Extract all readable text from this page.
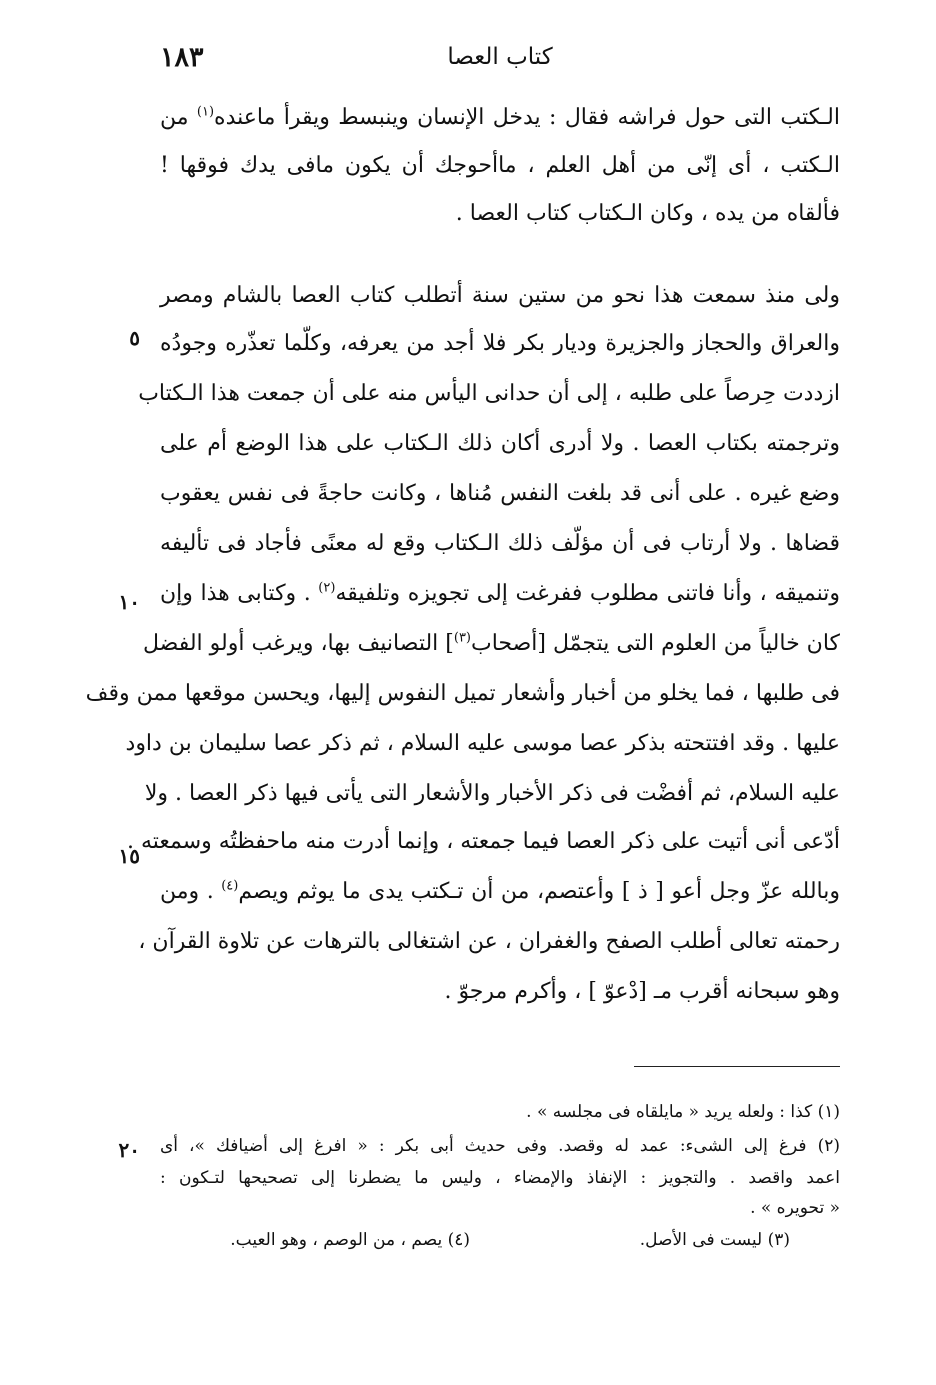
١٨٣	كتاب العصا
الـكتب التى حول فراشه فقال : يدخل الإنسان وينبسط ويقرأ ماعنده$^{(١)}$ من
الـكتب ، أى إنّى من أهل العلم ، ماأحوجك أن يكون مافى يدك فوقها !
فألقاه من يده ، وكان الـكتاب كتاب العصا .
ولى منذ سمعت هذا نحو من ستين سنة أتطلب كتاب العصا بالشام ومصر
والعراق والحجاز والجزيرة وديار بكر فلا أجد من يعرفه، وكلّما تعذّره وجودُه
ازددت حِرصاً على طلبه ، إلى أن حدانى اليأس منه على أن جمعت هذا الـكتاب
وترجمته بكتاب العصا . ولا أدرى أكان ذلك الـكتاب على هذا الوضع أم على
وضع غيره . على أنى قد بلغت النفس مُناها ، وكانت حاجةً فى نفس يعقوب
قضاها . ولا أرتاب فى أن مؤلّف ذلك الـكتاب وقع له معنًى فأجاد فى تأليفه
وتنميقه ، وأنا فاتنى مطلوب ففرغت إلى تجويزه وتلفيقه$^{(٢)}$ . وكتابى هذا وإن
كان خالياً من العلوم التى يتجمّل [أصحاب$^{(٣)}$] التصانيف بها، ويرغب أولو الفضل
فى طلبها ، فما يخلو من أخبار وأشعار تميل النفوس إليها، ويحسن موقعها ممن وقف
عليها . وقد افتتحته بذكر عصا موسى عليه السلام ، ثم ذكر عصا سليمان بن داود
عليه السلام، ثم أفضْت فى ذكر الأخبار والأشعار التى يأتى فيها ذكر العصا . ولا
أدّعى أنى أتيت على ذكر العصا فيما جمعته ، وإنما أدرت منه ماحفظتُه وسمعته .
وبالله عزّ وجل أعو [ ذ ] وأعتصم، من أن تـكتب يدى ما يوثم ويصم$^{(٤)}$ . ومن
رحمته تعالى أطلب الصفح والغفران ، عن اشتغالى بالترهات عن تلاوة القرآن ،
وهو سبحانه أقرب مـ [دْعوّ ] ، وأكرم مرجوّ .
٥
١٠
١٥
٢٠
(١) كذا : ولعله يريد « مايلقاه فى مجلسه » .
(٢) فرغ إلى الشىء: عمد له وقصد. وفى حديث أبى بكر : « افرغ إلى أضيافك »، أى
اعمد واقصد . والتجويز : الإنفاذ والإمضاء ، وليس ما يضطرنا إلى تصحيحها لتـكون :
« تحويره » .
(٣) ليست فى الأصل.
(٤) يصم ، من الوصم ، وهو العيب.
